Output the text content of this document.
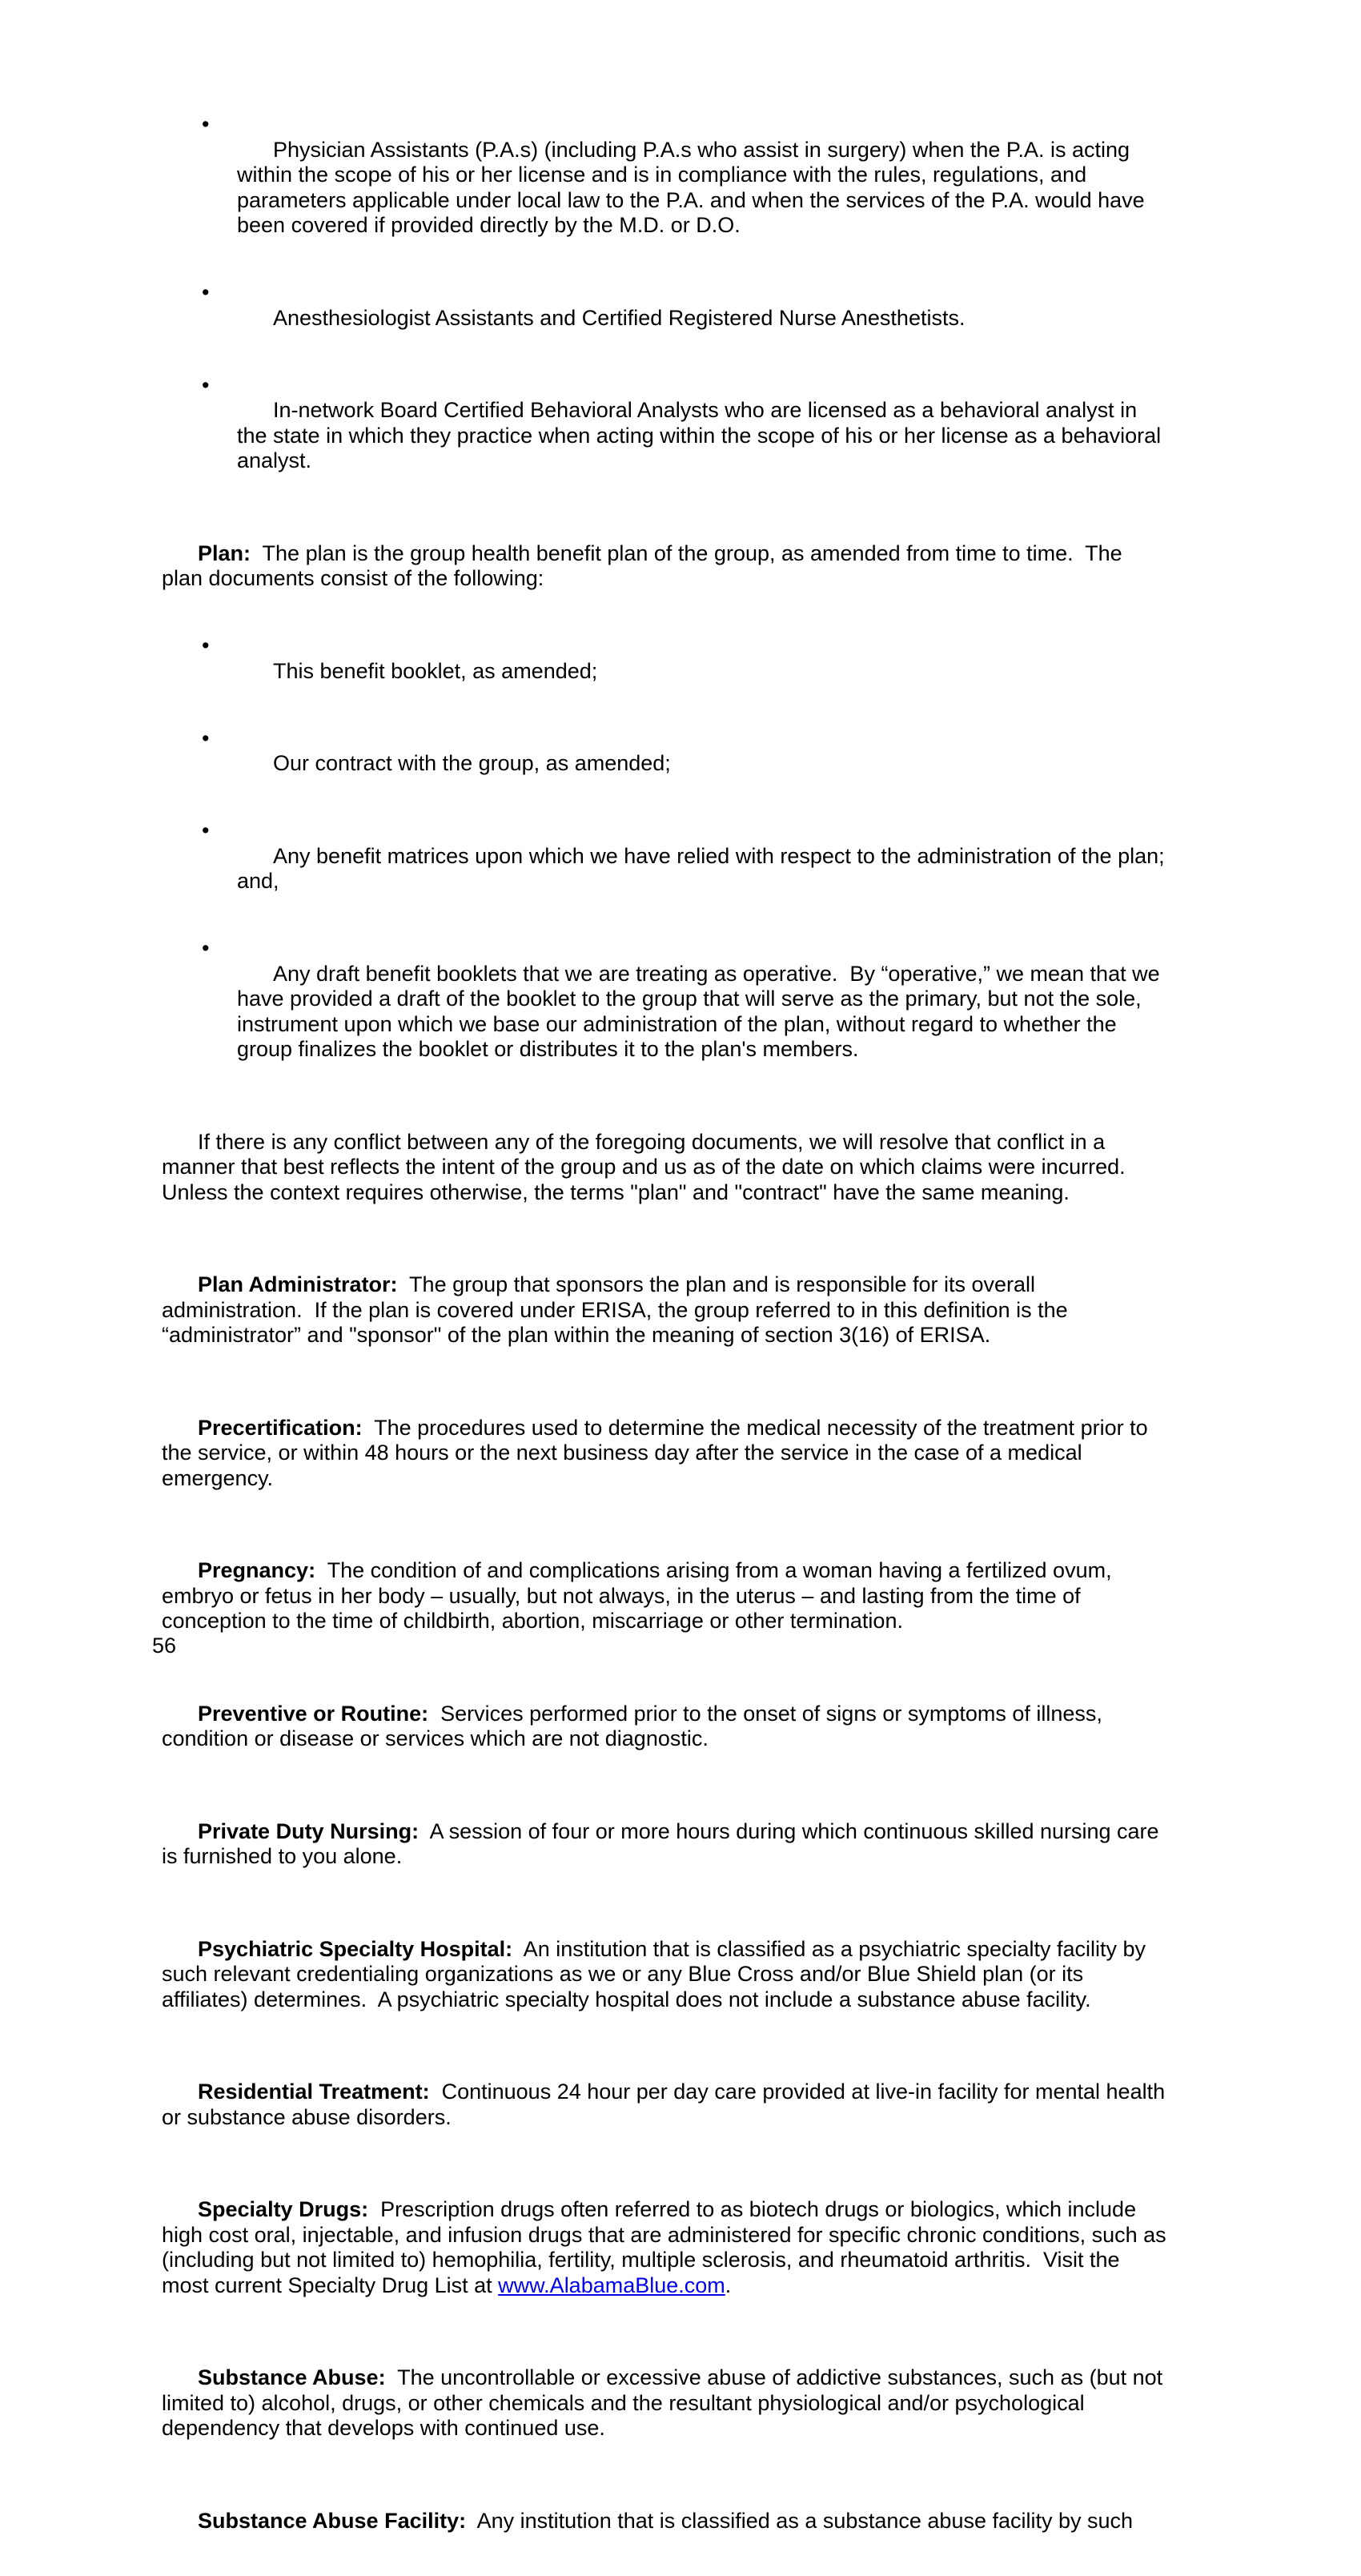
•
Physician Assistants (P.A.s) (including P.A.s who assist in surgery) when the P.A. is acting within the scope of his or her license and is in compliance with the rules, regulations, and parameters applicable under local law to the P.A. and when the services of the P.A. would have been covered if provided directly by the M.D. or D.O.

•
Anesthesiologist Assistants and Certified Registered Nurse Anesthetists.

•
In-network Board Certified Behavioral Analysts who are licensed as a behavioral analyst in the state in which they practice when acting within the scope of his or her license as a behavioral analyst.

Plan:  The plan is the group health benefit plan of the group, as amended from time to time.  The plan documents consist of the following:

•
This benefit booklet, as amended;

•
Our contract with the group, as amended;

•
Any benefit matrices upon which we have relied with respect to the administration of the plan; and,

•
Any draft benefit booklets that we are treating as operative.  By “operative,” we mean that we have provided a draft of the booklet to the group that will serve as the primary, but not the sole, instrument upon which we base our administration of the plan, without regard to whether the group finalizes the booklet or distributes it to the plan's members.

If there is any conflict between any of the foregoing documents, we will resolve that conflict in a manner that best reflects the intent of the group and us as of the date on which claims were incurred.  Unless the context requires otherwise, the terms "plan" and "contract" have the same meaning.

Plan Administrator:  The group that sponsors the plan and is responsible for its overall administration.  If the plan is covered under ERISA, the group referred to in this definition is the “administrator” and "sponsor" of the plan within the meaning of section 3(16) of ERISA.

Precertification:  The procedures used to determine the medical necessity of the treatment prior to the service, or within 48 hours or the next business day after the service in the case of a medical emergency.

Pregnancy:  The condition of and complications arising from a woman having a fertilized ovum, embryo or fetus in her body – usually, but not always, in the uterus – and lasting from the time of conception to the time of childbirth, abortion, miscarriage or other termination.

Preventive or Routine:  Services performed prior to the onset of signs or symptoms of illness, condition or disease or services which are not diagnostic.

Private Duty Nursing:  A session of four or more hours during which continuous skilled nursing care is furnished to you alone.

Psychiatric Specialty Hospital:  An institution that is classified as a psychiatric specialty facility by such relevant credentialing organizations as we or any Blue Cross and/or Blue Shield plan (or its affiliates) determines.  A psychiatric specialty hospital does not include a substance abuse facility.

Residential Treatment:  Continuous 24 hour per day care provided at live-in facility for mental health or substance abuse disorders.

Specialty Drugs:  Prescription drugs often referred to as biotech drugs or biologics, which include high cost oral, injectable, and infusion drugs that are administered for specific chronic conditions, such as (including but not limited to) hemophilia, fertility, multiple sclerosis, and rheumatoid arthritis.  Visit the most current Specialty Drug List at www.AlabamaBlue.com.

Substance Abuse:  The uncontrollable or excessive abuse of addictive substances, such as (but not limited to) alcohol, drugs, or other chemicals and the resultant physiological and/or psychological dependency that develops with continued use.

Substance Abuse Facility:  Any institution that is classified as a substance abuse facility by such

56
